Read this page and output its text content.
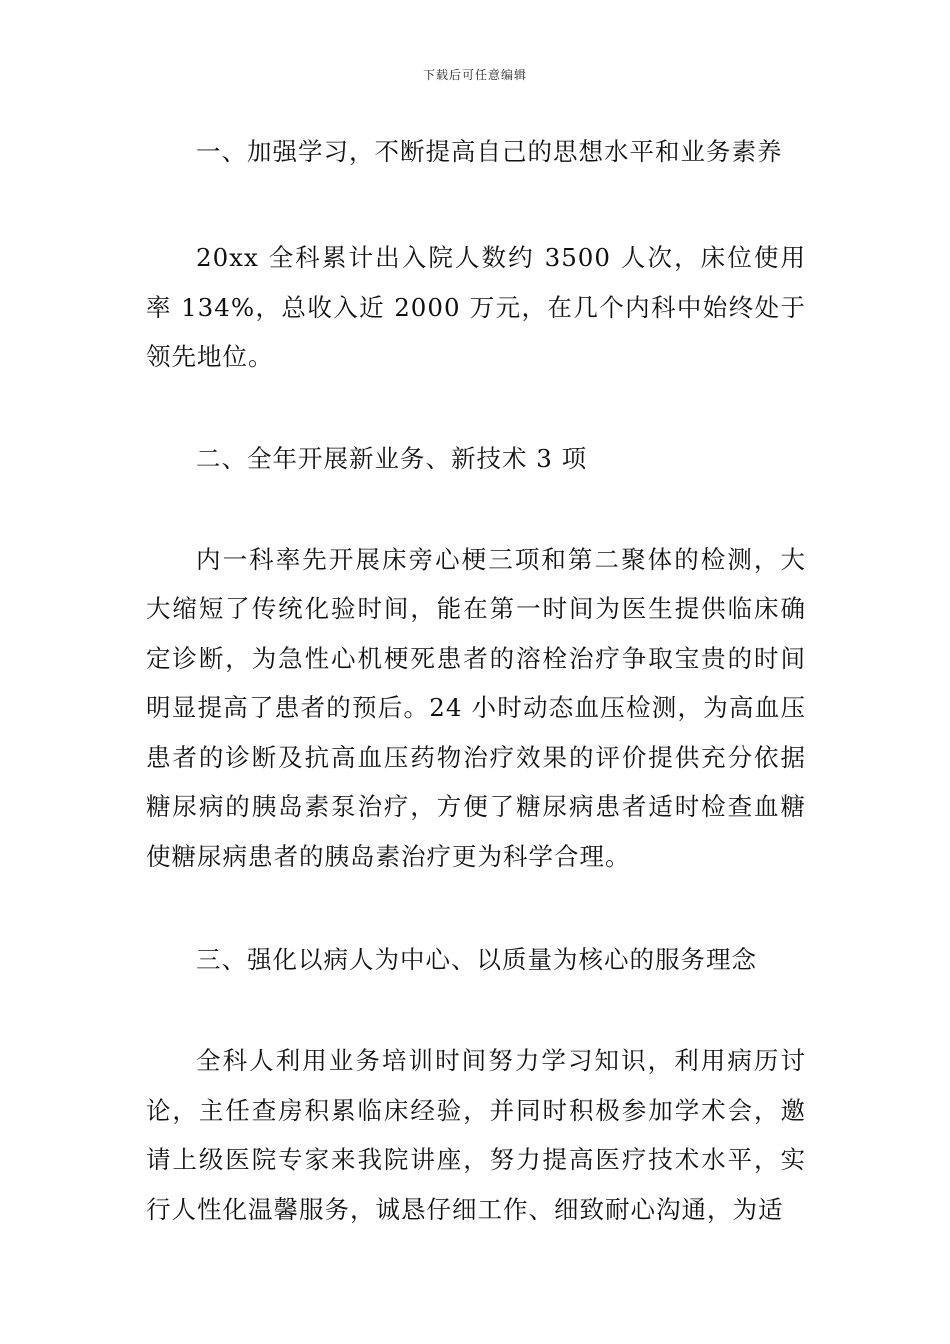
下载后可任意编辑
一、加强学习，不断提高自己的思想水平和业务素养

20xx 全科累计出入院人数约 3500 人次，床位使用率 134%，总收入近 2000 万元，在几个内科中始终处于领先地位。

二、全年开展新业务、新技术 3 项

内一科率先开展床旁心梗三项和第二聚体的检测，大大缩短了传统化验时间，能在第一时间为医生提供临床确定诊断，为急性心机梗死患者的溶栓治疗争取宝贵的时间明显提高了患者的预后。24 小时动态血压检测，为高血压患者的诊断及抗高血压药物治疗效果的评价提供充分依据糖尿病的胰岛素泵治疗，方便了糖尿病患者适时检查血糖使糖尿病患者的胰岛素治疗更为科学合理。

三、强化以病人为中心、以质量为核心的服务理念

全科人利用业务培训时间努力学习知识，利用病历讨论，主任查房积累临床经验，并同时积极参加学术会，邀请上级医院专家来我院讲座，努力提高医疗技术水平，实行人性化温馨服务，诚恳仔细工作、细致耐心沟通，为适
